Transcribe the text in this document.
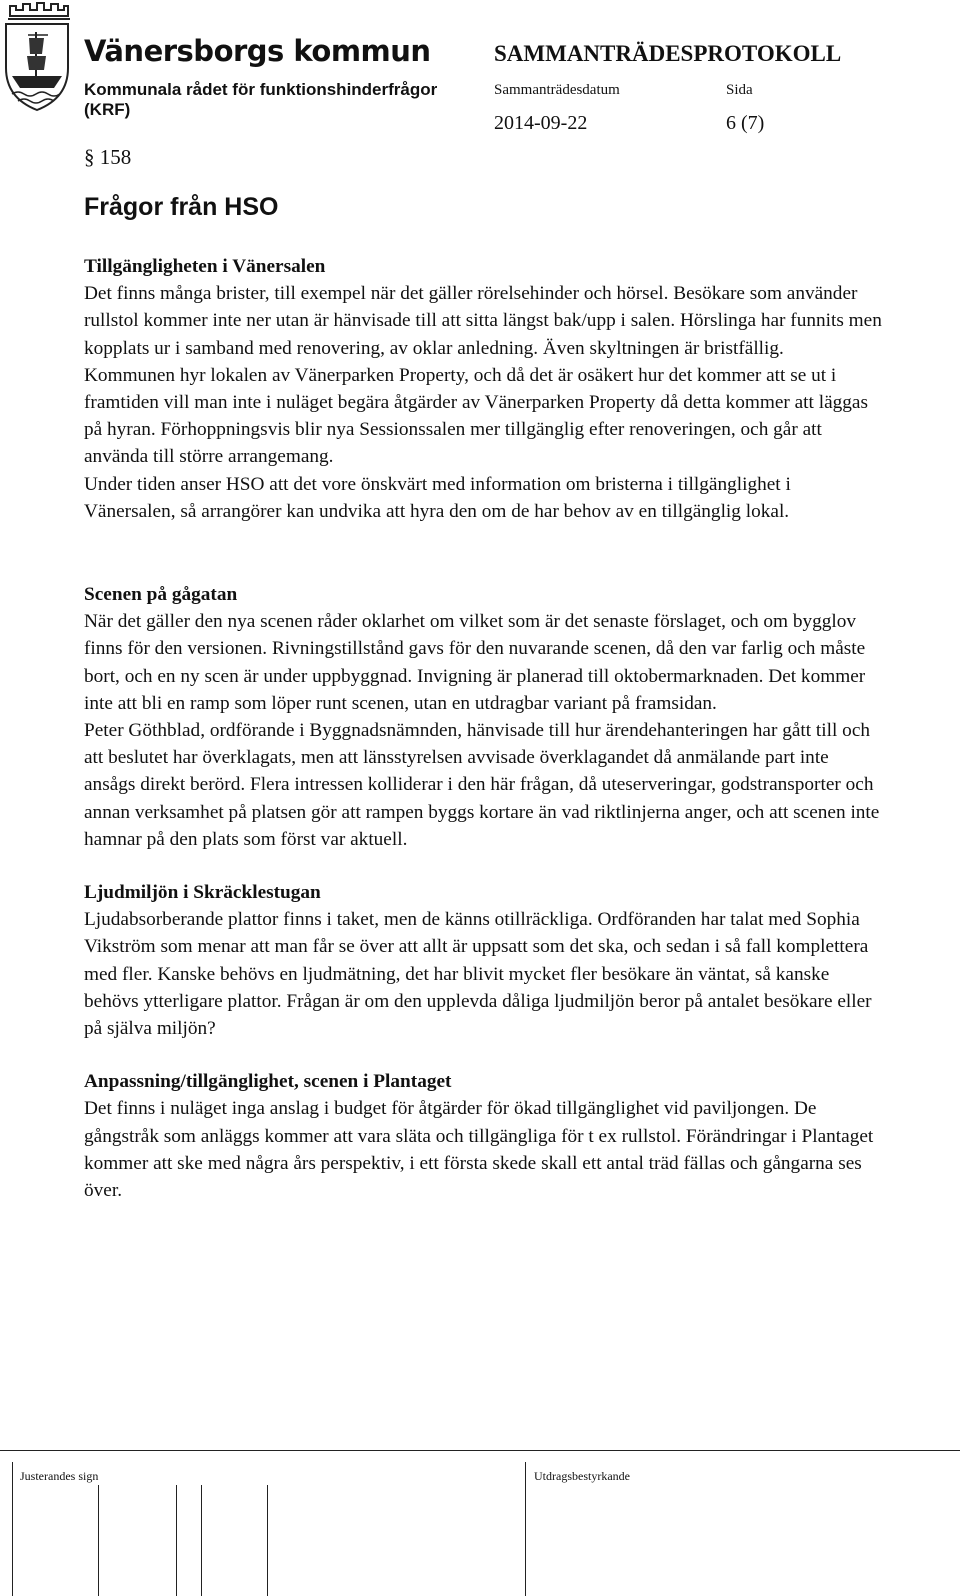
Vänersborgs kommun
Kommunala rådet för funktionshinderfrågor
(KRF)
SAMMANTRÄDESPROTOKOLL
Sammanträdesdatum	Sida
2014-09-22	6 (7)
§ 158
Frågor från HSO
Tillgängligheten i Vänersalen

Det finns många brister, till exempel när det gäller rörelsehinder och hörsel. Besökare som använder rullstol kommer inte ner utan är hänvisade till att sitta längst bak/upp i salen. Hörslinga har funnits men kopplats ur i samband med renovering, av oklar anledning. Även skyltningen är bristfällig.

Kommunen hyr lokalen av Vänerparken Property, och då det är osäkert hur det kommer att se ut i framtiden vill man inte i nuläget begära åtgärder av Vänerparken Property då detta kommer att läggas på hyran. Förhoppningsvis blir nya Sessionssalen mer tillgänglig efter renoveringen, och går att använda till större arrangemang.

Under tiden anser HSO att det vore önskvärt med information om bristerna i tillgänglighet i Vänersalen, så arrangörer kan undvika att hyra den om de har behov av en tillgänglig lokal.

Scenen på gågatan

När det gäller den nya scenen råder oklarhet om vilket som är det senaste förslaget, och om bygglov finns för den versionen. Rivningstillstånd gavs för den nuvarande scenen, då den var farlig och måste bort, och en ny scen är under uppbyggnad. Invigning är planerad till oktobermarknaden. Det kommer inte att bli en ramp som löper runt scenen, utan en utdragbar variant på framsidan.

Peter Göthblad, ordförande i Byggnadsnämnden, hänvisade till hur ärendehanteringen har gått till och att beslutet har överklagats, men att länsstyrelsen avvisade överklagandet då anmälande part inte ansågs direkt berörd. Flera intressen kolliderar i den här frågan, då uteserveringar, godstransporter och annan verksamhet på platsen gör att rampen byggs kortare än vad riktlinjerna anger, och att scenen inte hamnar på den plats som först var aktuell.

Ljudmiljön i Skräcklestugan

Ljudabsorberande plattor finns i taket, men de känns otillräckliga. Ordföranden har talat med Sophia Vikström som menar att man får se över att allt är uppsatt som det ska, och sedan i så fall komplettera med fler. Kanske behövs en ljudmätning, det har blivit mycket fler besökare än väntat, så kanske behövs ytterligare plattor. Frågan är om den upplevda dåliga ljudmiljön beror på antalet besökare eller på själva miljön?

Anpassning/tillgänglighet, scenen i Plantaget

Det finns i nuläget inga anslag i budget för åtgärder för ökad tillgänglighet vid paviljongen. De gångstråk som anläggs kommer att vara släta och tillgängliga för t ex rullstol. Förändringar i Plantaget kommer att ske med några års perspektiv, i ett första skede skall ett antal träd fällas och gångarna ses över.

Justerandes sign	Utdragsbestyrkande
